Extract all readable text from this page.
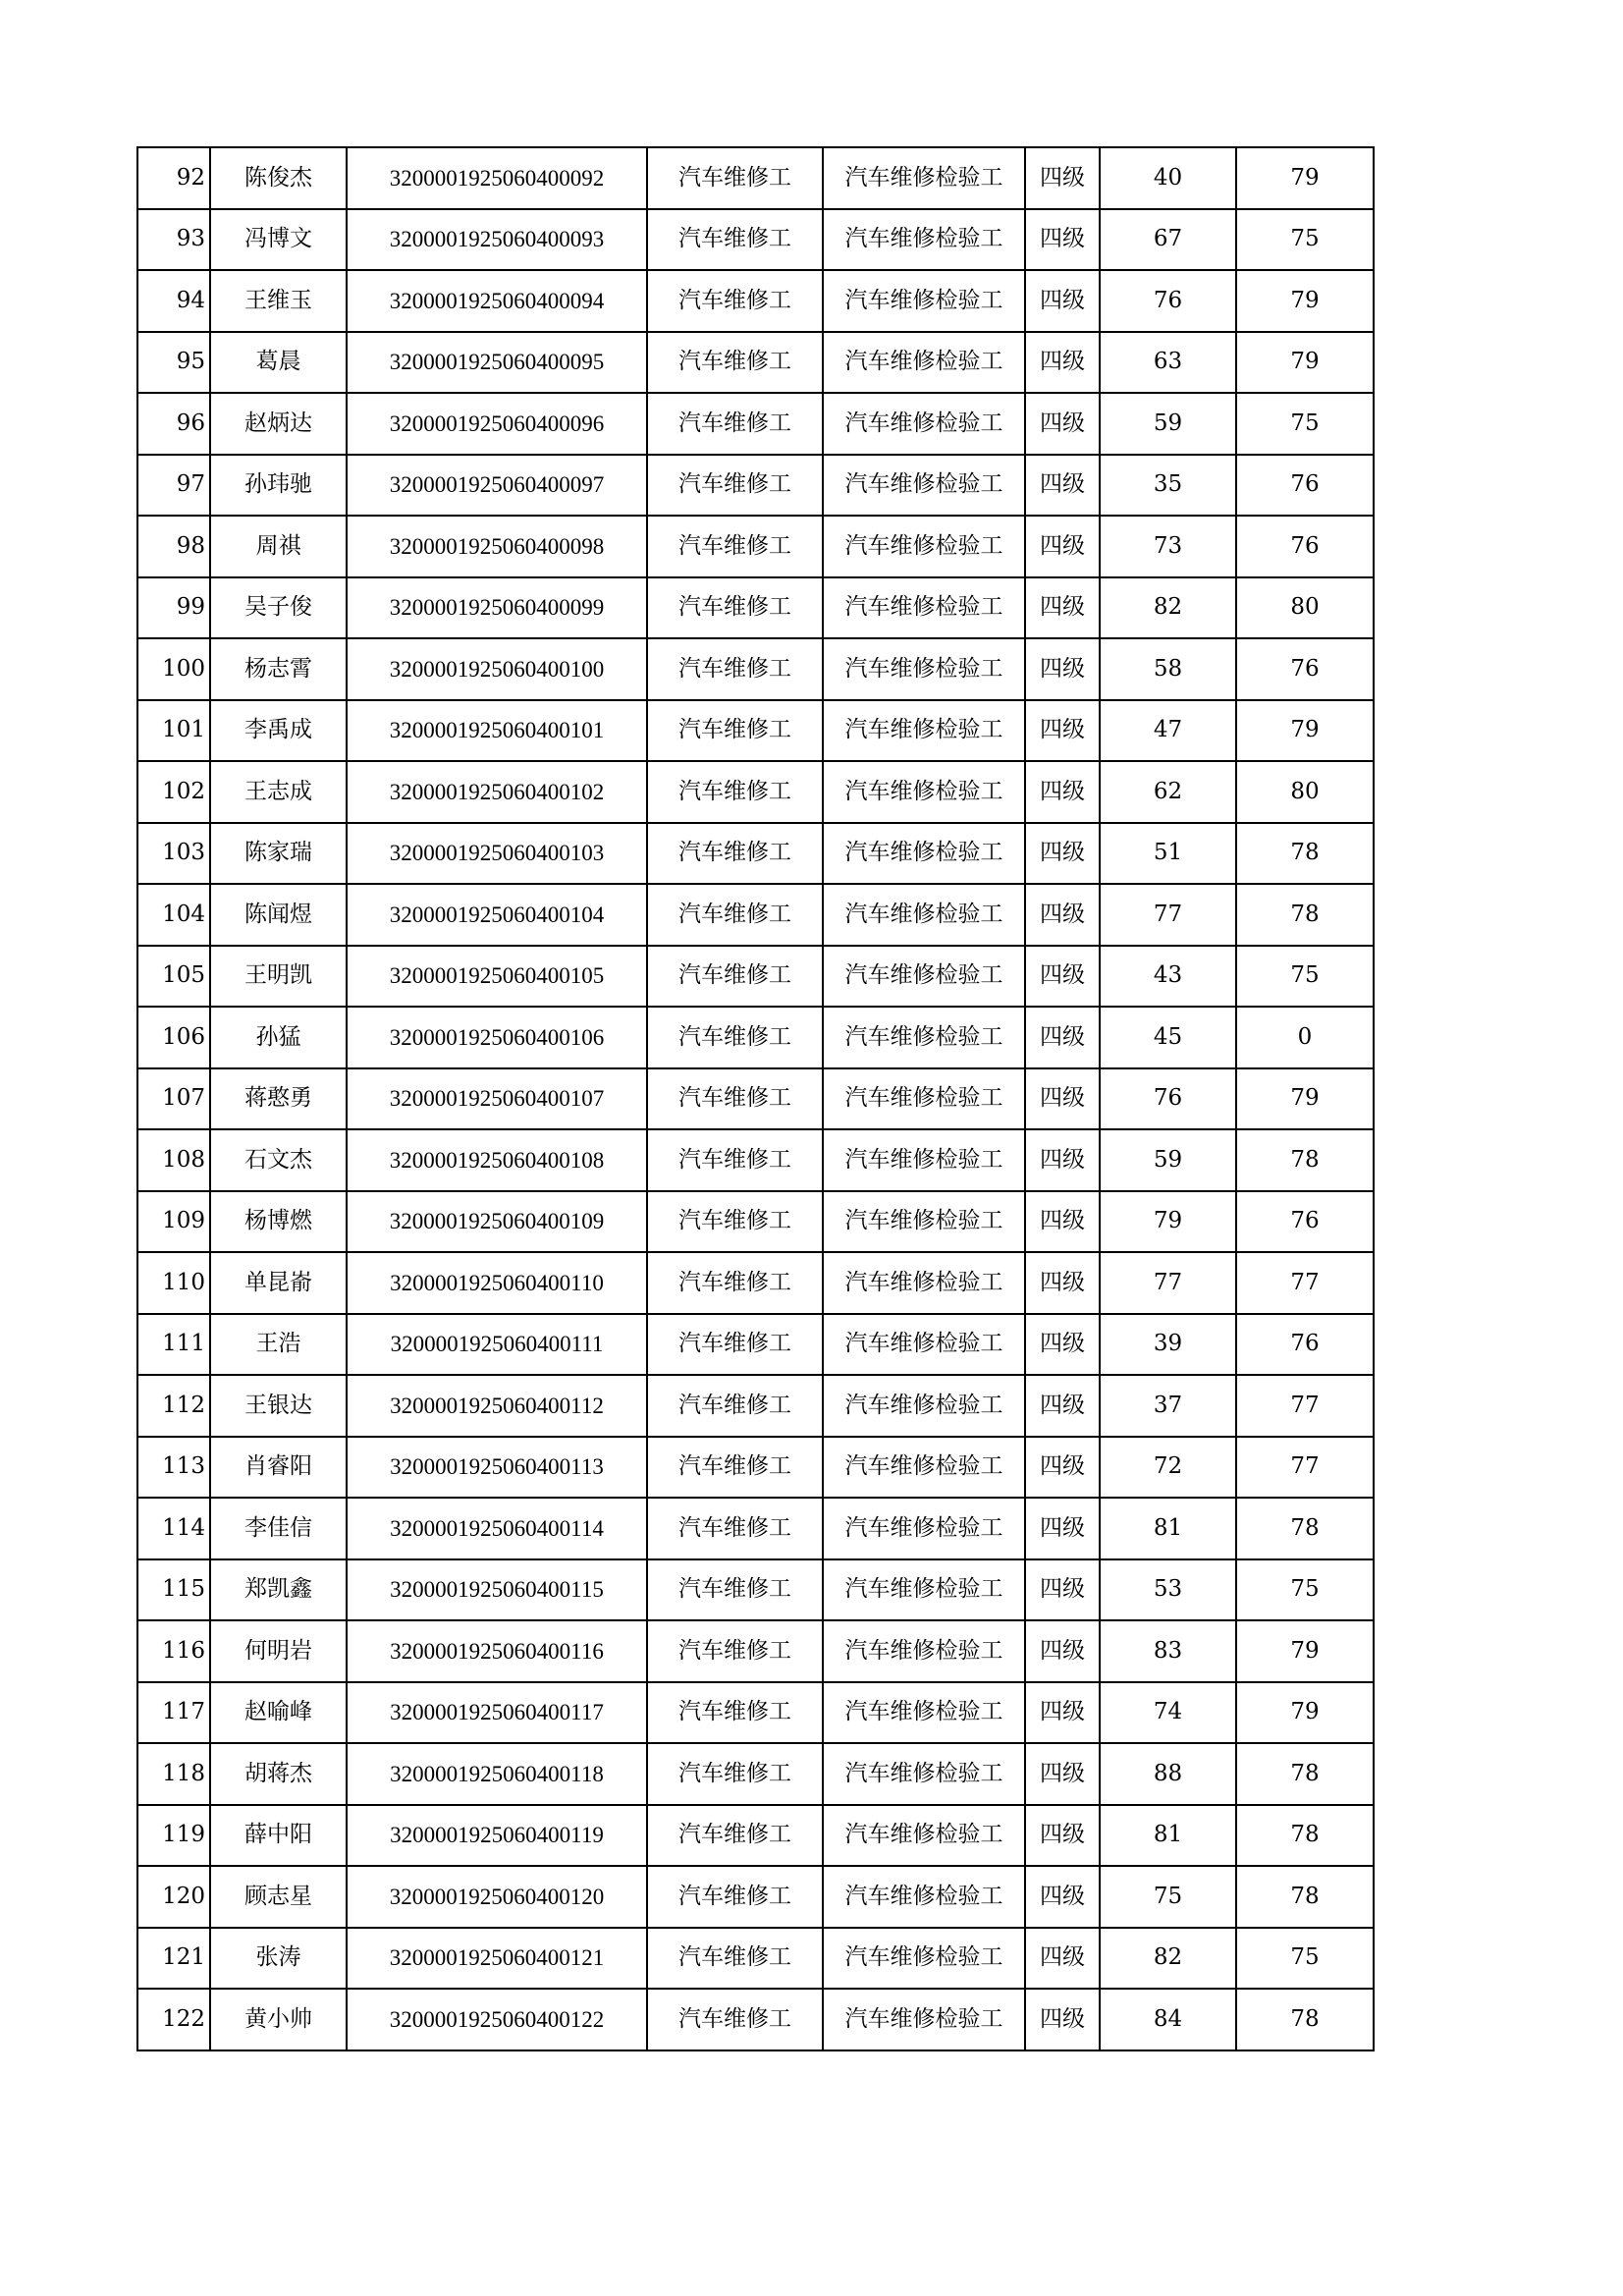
92	陈俊杰	3200001925060400092	汽车维修工	汽车维修检验工	四级	40	79
93	冯博文	3200001925060400093	汽车维修工	汽车维修检验工	四级	67	75
94	王维玉	3200001925060400094	汽车维修工	汽车维修检验工	四级	76	79
95	葛晨	3200001925060400095	汽车维修工	汽车维修检验工	四级	63	79
96	赵炳达	3200001925060400096	汽车维修工	汽车维修检验工	四级	59	75
97	孙玮驰	3200001925060400097	汽车维修工	汽车维修检验工	四级	35	76
98	周祺	3200001925060400098	汽车维修工	汽车维修检验工	四级	73	76
99	吴子俊	3200001925060400099	汽车维修工	汽车维修检验工	四级	82	80
100	杨志霄	3200001925060400100	汽车维修工	汽车维修检验工	四级	58	76
101	李禹成	3200001925060400101	汽车维修工	汽车维修检验工	四级	47	79
102	王志成	3200001925060400102	汽车维修工	汽车维修检验工	四级	62	80
103	陈家瑞	3200001925060400103	汽车维修工	汽车维修检验工	四级	51	78
104	陈闻煜	3200001925060400104	汽车维修工	汽车维修检验工	四级	77	78
105	王明凯	3200001925060400105	汽车维修工	汽车维修检验工	四级	43	75
106	孙猛	3200001925060400106	汽车维修工	汽车维修检验工	四级	45	0
107	蒋憨勇	3200001925060400107	汽车维修工	汽车维修检验工	四级	76	79
108	石文杰	3200001925060400108	汽车维修工	汽车维修检验工	四级	59	78
109	杨博燃	3200001925060400109	汽车维修工	汽车维修检验工	四级	79	76
110	单昆嵛	3200001925060400110	汽车维修工	汽车维修检验工	四级	77	77
111	王浩	3200001925060400111	汽车维修工	汽车维修检验工	四级	39	76
112	王银达	3200001925060400112	汽车维修工	汽车维修检验工	四级	37	77
113	肖睿阳	3200001925060400113	汽车维修工	汽车维修检验工	四级	72	77
114	李佳信	3200001925060400114	汽车维修工	汽车维修检验工	四级	81	78
115	郑凯鑫	3200001925060400115	汽车维修工	汽车维修检验工	四级	53	75
116	何明岩	3200001925060400116	汽车维修工	汽车维修检验工	四级	83	79
117	赵喻峰	3200001925060400117	汽车维修工	汽车维修检验工	四级	74	79
118	胡蒋杰	3200001925060400118	汽车维修工	汽车维修检验工	四级	88	78
119	薛中阳	3200001925060400119	汽车维修工	汽车维修检验工	四级	81	78
120	顾志星	3200001925060400120	汽车维修工	汽车维修检验工	四级	75	78
121	张涛	3200001925060400121	汽车维修工	汽车维修检验工	四级	82	75
122	黄小帅	3200001925060400122	汽车维修工	汽车维修检验工	四级	84	78
